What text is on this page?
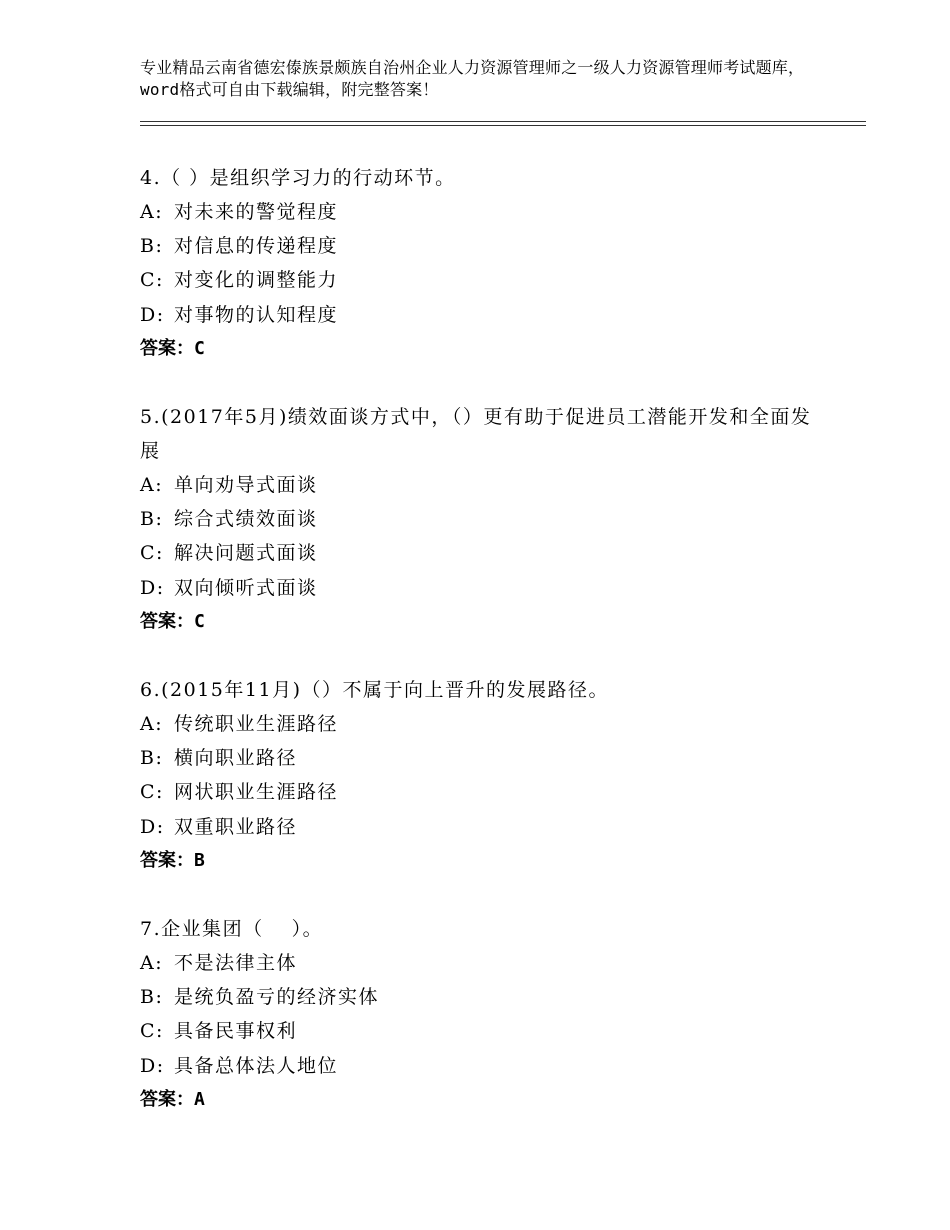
专业精品云南省德宏傣族景颇族自治州企业人力资源管理师之一级人力资源管理师考试题库，word格式可自由下载编辑，附完整答案！
4.（ ）是组织学习力的行动环节。
A: 对未来的警觉程度
B: 对信息的传递程度
C: 对变化的调整能力
D: 对事物的认知程度
答案：C
5.(2017年5月)绩效面谈方式中，（）更有助于促进员工潜能开发和全面发展
A: 单向劝导式面谈
B: 综合式绩效面谈
C: 解决问题式面谈
D: 双向倾听式面谈
答案：C
6.(2015年11月)（）不属于向上晋升的发展路径。
A: 传统职业生涯路径
B: 横向职业路径
C: 网状职业生涯路径
D: 双重职业路径
答案：B
7.企业集团（　 ）。
A: 不是法律主体
B: 是统负盈亏的经济实体
C: 具备民事权利
D: 具备总体法人地位
答案：A
